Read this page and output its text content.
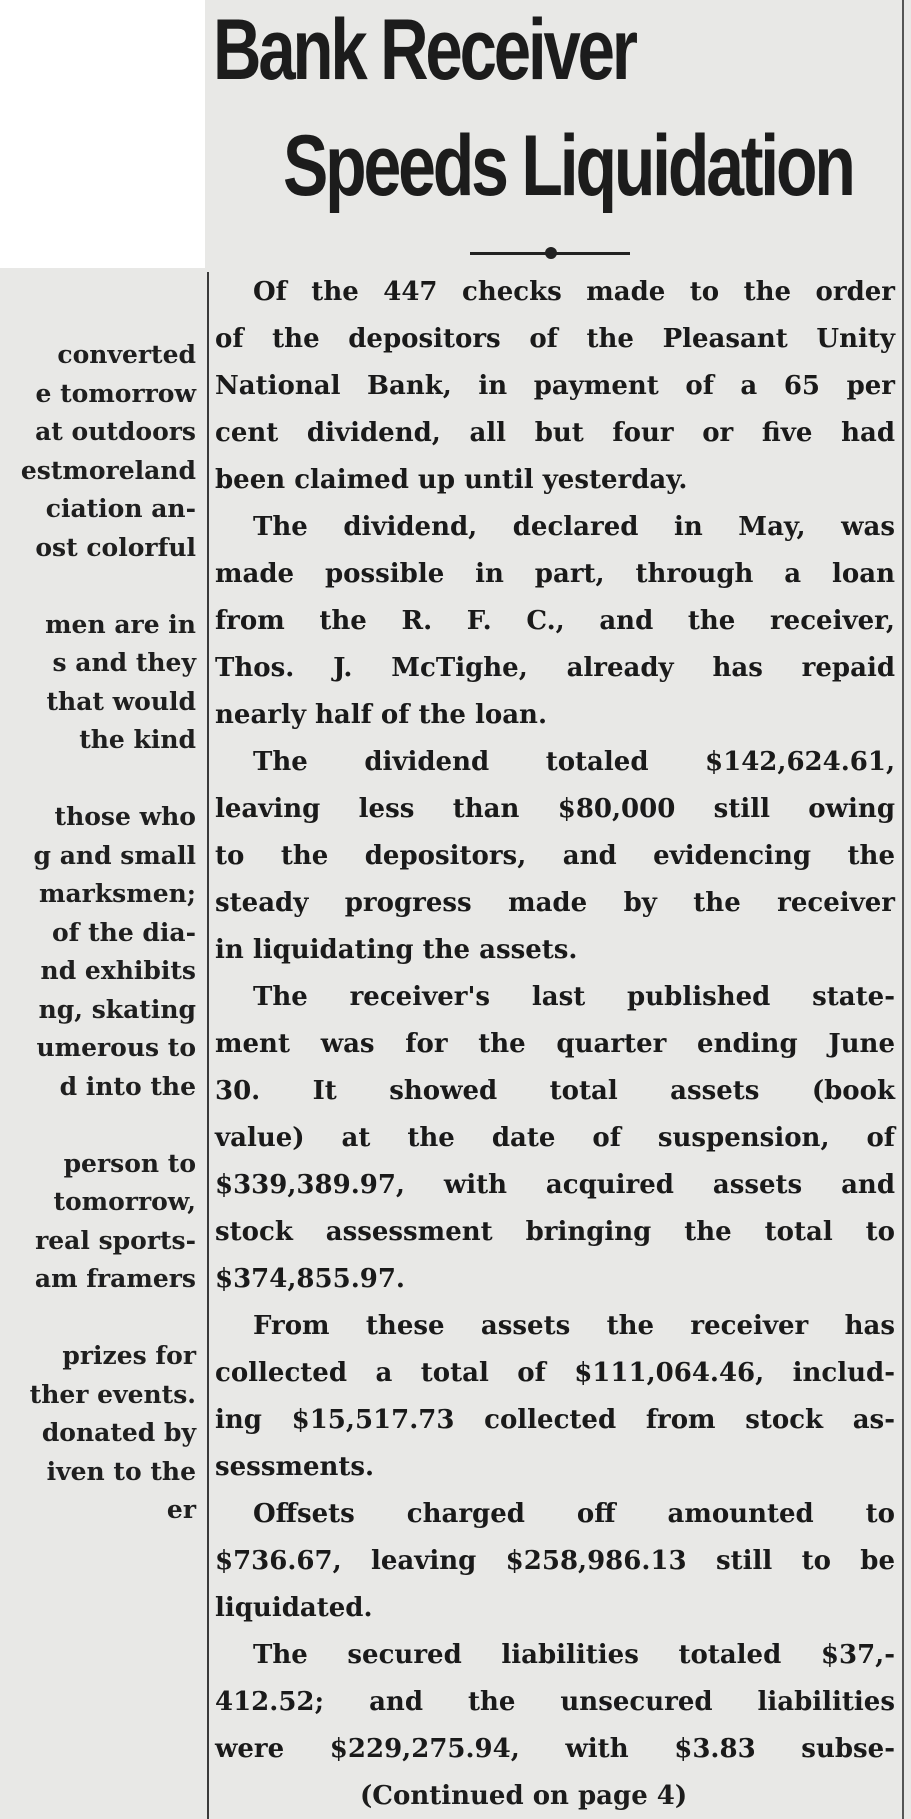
Bank Receiver
Speeds Liquidation
converted
e tomorrow
at outdoors
estmoreland
ciation an-
ost colorful
men are in
s and they
that would
the kind
those who
g and small
marksmen;
of the dia-
nd exhibits
ng, skating
umerous to
d into the
person to
tomorrow,
real sports-
am framers
prizes for
ther events.
donated by
iven to the
er
Of the 447 checks made to the order
of the depositors of the Pleasant Unity
National Bank, in payment of a 65 per
cent dividend, all but four or five had
been claimed up until yesterday.
The dividend, declared in May, was
made possible in part, through a loan
from the R. F. C., and the receiver,
Thos. J. McTighe, already has repaid
nearly half of the loan.
The dividend totaled $142,624.61,
leaving less than $80,000 still owing
to the depositors, and evidencing the
steady progress made by the receiver
in liquidating the assets.
The receiver's last published state-
ment was for the quarter ending June
30. It showed total assets (book
value) at the date of suspension, of
$339,389.97, with acquired assets and
stock assessment bringing the total to
$374,855.97.
From these assets the receiver has
collected a total of $111,064.46, includ-
ing $15,517.73 collected from stock as-
sessments.
Offsets charged off amounted to
$736.67, leaving $258,986.13 still to be
liquidated.
The secured liabilities totaled $37,-
412.52; and the unsecured liabilities
were $229,275.94, with $3.83 subse-
(Continued on page 4)
